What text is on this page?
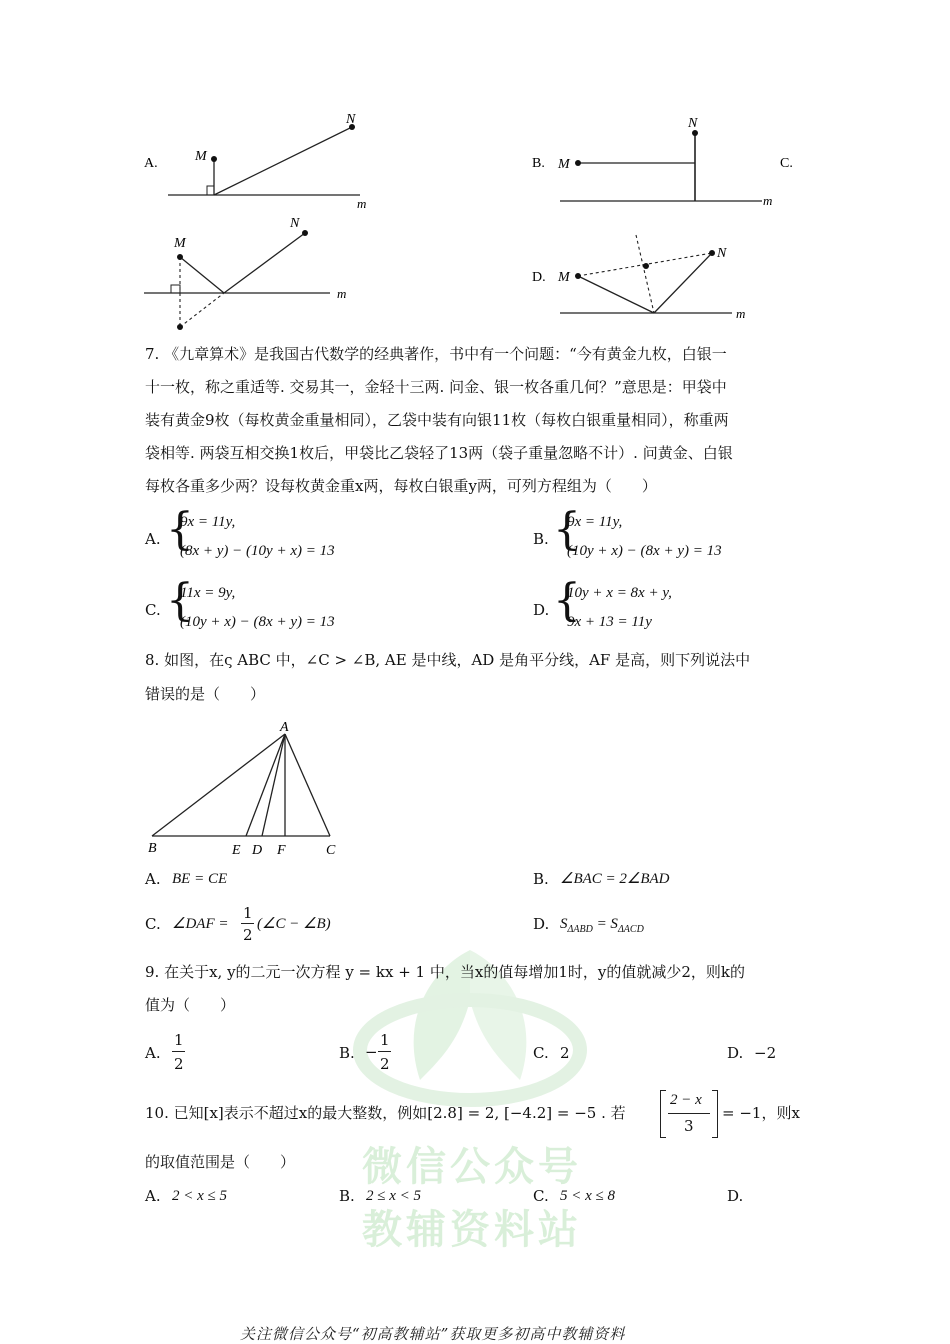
微信公众号
教辅资料站
A.	M
N
m
B. M
N
m
C.
M
N
m
D. M
N
m
7. 《九章算术》是我国古代数学的经典著作，书中有一个问题：“今有黄金九枚，白银一
十一枚，称之重适等. 交易其一，金轻十三两. 问金、银一枚各重几何？”意思是：甲袋中
装有黄金9枚（每枚黄金重量相同），乙袋中装有向银11枚（每枚白银重量相同），称重两
袋相等. 两袋互相交换1枚后，甲袋比乙袋轻了13两（袋子重量忽略不计）. 问黄金、白银
每枚各重多少两？设每枚黄金重x两，每枚白银重y两，可列方程组为（　　）
A. {
9x = 11y,
(8x + y) − (10y + x) = 13
B. {
9x = 11y,
(10y + x) − (8x + y) = 13
C. {
11x = 9y,
(10y + x) − (8x + y) = 13
D. {
10y + x = 8x + y,
9x + 13 = 11y
8. 如图，在ς ABC 中，∠C > ∠B, AE 是中线，AD 是角平分线，AF 是高，则下列说法中
错误的是（　　）
A
B	E D F	C
A. BE = CE	B. ∠BAC = 2∠BAD
C. ∠DAF =
1
2
(∠C − ∠B)	D. $S_{\Delta ABD} = S_{\Delta ACD}$
9. 在关于x, y的二元一次方程 y = kx + 1 中，当x的值每增加1时，y的值就减少2，则k的
值为（　　）
A.
1
2
B. −
1
2
C. 2	D. −2
10. 已知[x]表示不超过x的最大整数，例如[2.8] = 2, [−4.2] = −5 . 若
2 − x
3
= −1，则x
的取值范围是（　　）
A. 2 < x ≤ 5	B. 2 ≤ x < 5	C. 5 < x ≤ 8	D.
关注微信公众号“初高教辅站”获取更多初高中教辅资料
